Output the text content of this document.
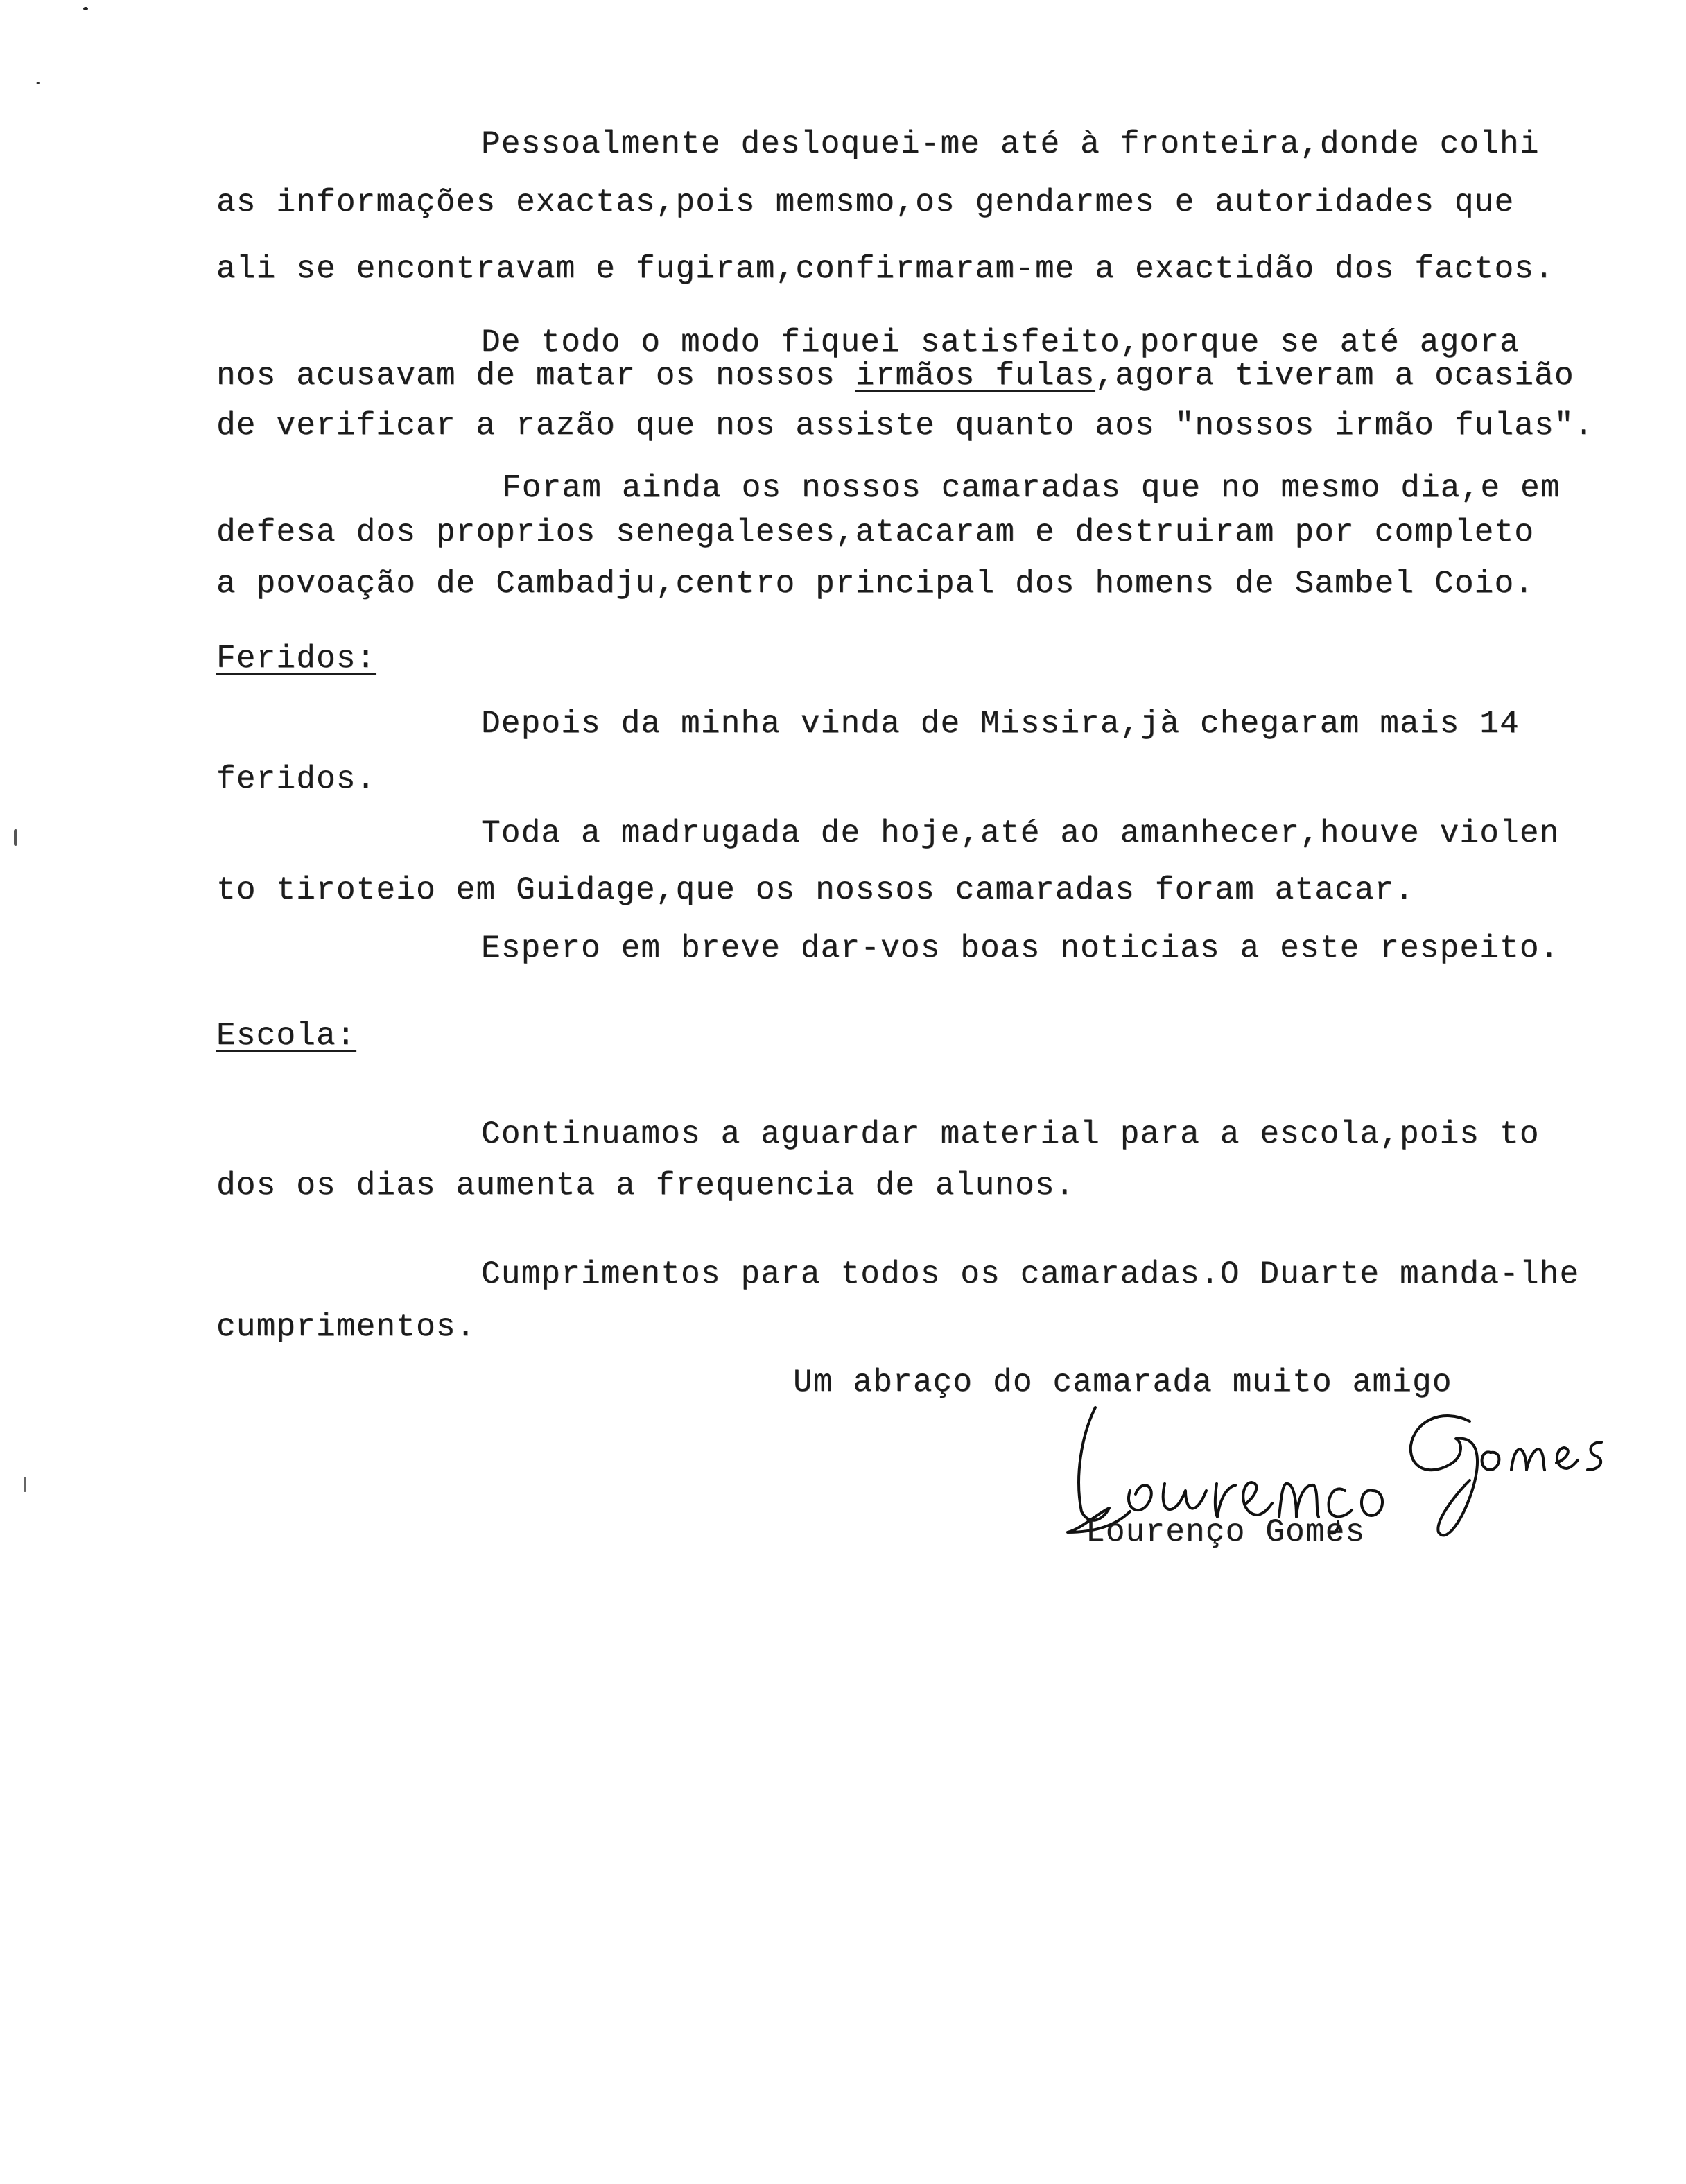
Pessoalmente desloquei-me até à fronteira,donde colhi
as informações exactas,pois memsmo,os gendarmes e autoridades que
ali se encontravam e fugiram,confirmaram-me a exactidão dos factos.
De todo o modo fiquei satisfeito,porque se até agora
nos acusavam de matar os nossos irmãos fulas,agora tiveram a ocasião
de verificar a razão que nos assiste quanto aos "nossos irmão fulas".
Foram ainda os nossos camaradas que no mesmo dia,e em
defesa dos proprios senegaleses,atacaram e destruiram por completo
a povoação de Cambadju,centro principal dos homens de Sambel Coio.
Feridos:
Depois da minha vinda de Missira,jà chegaram mais 14
feridos.
Toda a madrugada de hoje,até ao amanhecer,houve violen
to tiroteio em Guidage,que os nossos camaradas foram atacar.
Espero em breve dar-vos boas noticias a este respeito.
Escola:
Continuamos a aguardar material para a escola,pois to
dos os dias aumenta a frequencia de alunos.
Cumprimentos para todos os camaradas.O Duarte manda-lhe
cumprimentos.
Um abraço do camarada muito amigo
Lourenço Gomes
